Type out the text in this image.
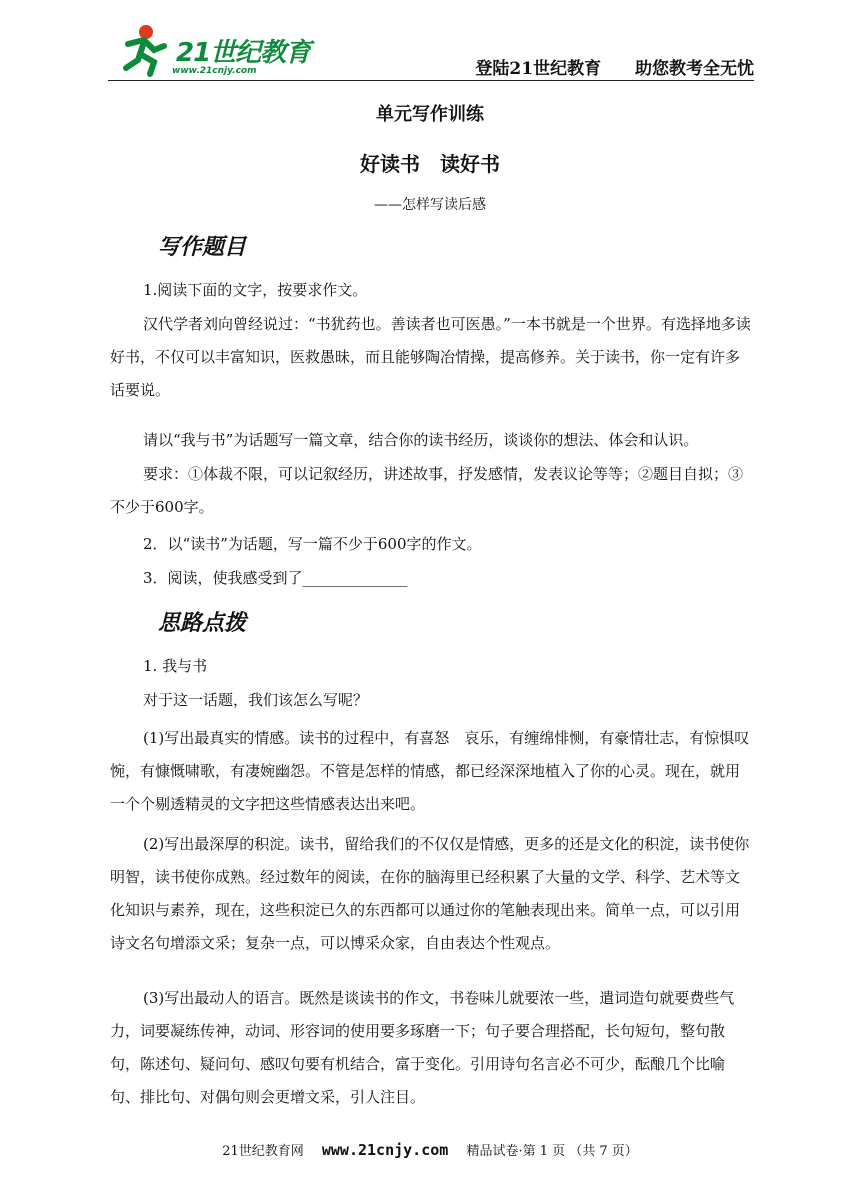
21世纪教育
www.21cnjy.com	登陆21世纪教育 助您教考全无忧
单元写作训练
好读书　读好书
——怎样写读后感
写作题目
1.阅读下面的文字，按要求作文。
汉代学者刘向曾经说过：“书犹药也。善读者也可医愚。”一本书就是一个世界。有选择地多读好书，不仅可以丰富知识，医救愚昧，而且能够陶冶情操，提高修养。关于读书，你一定有许多话要说。
请以“我与书”为话题写一篇文章，结合你的读书经历，谈谈你的想法、体会和认识。
要求：①体裁不限，可以记叙经历，讲述故事，抒发感情，发表议论等等；②题目自拟；③不少于600字。
2．以“读书”为话题，写一篇不少于600字的作文。
3．阅读，使我感受到了______________
思路点拨
1. 我与书
对于这一话题，我们该怎么写呢？
(1)写出最真实的情感。读书的过程中，有喜怒　哀乐，有缠绵悱恻，有豪情壮志，有惊惧叹惋，有慷慨啸歌，有凄婉幽怨。不管是怎样的情感，都已经深深地植入了你的心灵。现在，就用一个个剔透精灵的文字把这些情感表达出来吧。
(2)写出最深厚的积淀。读书，留给我们的不仅仅是情感，更多的还是文化的积淀，读书使你明智，读书使你成熟。经过数年的阅读，在你的脑海里已经积累了大量的文学、科学、艺术等文化知识与素养，现在，这些积淀已久的东西都可以通过你的笔触表现出来。简单一点，可以引用诗文名句增添文采；复杂一点，可以博采众家，自由表达个性观点。
(3)写出最动人的语言。既然是谈读书的作文，书卷味儿就要浓一些，遣词造句就要费些气力，词要凝练传神，动词、形容词的使用要多琢磨一下；句子要合理搭配，长句短句，整句散句，陈述句、疑问句、感叹句要有机结合，富于变化。引用诗句名言必不可少，酝酿几个比喻句、排比句、对偶句则会更增文采，引人注目。
21世纪教育网 www.21cnjy.com 精品试卷·第 1 页 （共 7 页）
